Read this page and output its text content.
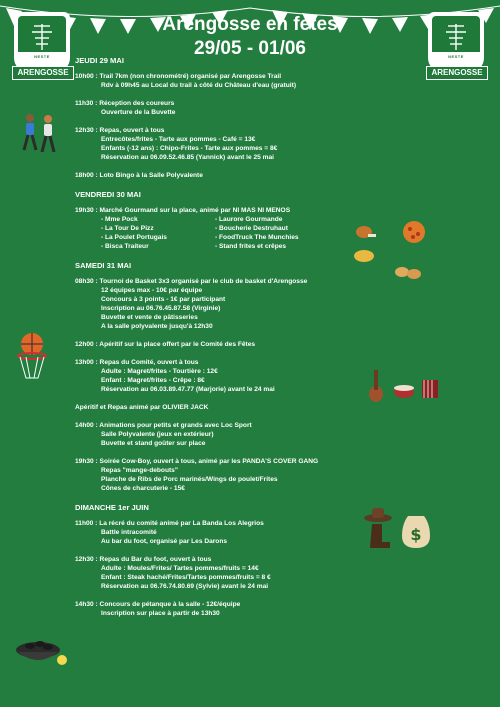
NESTE
ARENGOSSE
NESTE
ARENGOSSE
Arengosse en fetes
29/05 - 01/06
JEUDI 29 MAI
10h00 : Trail 7km (non chronométré) organisé par Arengosse Trail
Rdv à 09h45 au Local du trail à côté du Château d'eau (gratuit)
11h30 : Réception des coureurs
Ouverture de la Buvette
12h30 : Repas, ouvert à tous
Entrecôtes/frites - Tarte aux pommes - Café = 13€
Enfants (-12 ans) : Chipo-Frites - Tarte aux pommes = 8€
Réservation au 06.09.52.46.85 (Yannick) avant le 25 mai
18h00 : Loto Bingo à la Salle Polyvalente
VENDREDI 30 MAI
19h30 : Marché Gourmand sur la place, animé par NI MAS NI MENOS
- Mme Pock
- La Tour De Pizz
- La Poulet Portugais
- Bisca Traiteur
- Laurore Gourmande
- Boucherie Destruhaut
- FoodTruck The Munchies
- Stand frites et crêpes
SAMEDI 31 MAI
08h30 : Tournoi de Basket 3x3 organisé par le club de basket d'Arengosse
12 équipes max - 10€ par équipe
Concours à 3 points - 1€ par participant
Inscription au 06.76.45.87.58 (Virginie)
Buvette et vente de pâtisseries
A la salle polyvalente jusqu'à 12h30
12h00 : Apéritif sur la place offert par le Comité des Fêtes
13h00 : Repas du Comité, ouvert à tous
Adulte : Magret/frites - Tourtière : 12€
Enfant : Magret/frites - Crêpe : 8€
Réservation au 06.03.89.47.77 (Marjorie) avant le 24 mai
Apéritif et Repas animé par OLIVIER JACK
14h00 : Animations pour petits et grands avec Loc Sport
Salle Polyvalente (jeux en extérieur)
Buvette et stand goûter sur place
19h30 : Soirée Cow-Boy, ouvert à tous, animé par les PANDA'S COVER GANG
Repas "mange-debouts"
Planche de Ribs de Porc marinés/Wings de poulet/Frites
Cônes de charcuterie - 15€
DIMANCHE 1er JUIN
11h00 : La récré du comité animé par La Banda Los Alegrios
Battle intracomité
Au bar du foot, organisé par Les Darons
12h30 : Repas du Bar du foot, ouvert à tous
Adulte : Moules/Frites/ Tartes pommes/fruits = 14€
Enfant : Steak haché/Frites/Tartes pommes/fruits = 8 €
Réservation au 06.76.74.80.69 (Sylvie) avant le 24 mai
14h30 : Concours de pétanque à la salle - 12€/équipe
Inscription sur place à partir de 13h30
$
